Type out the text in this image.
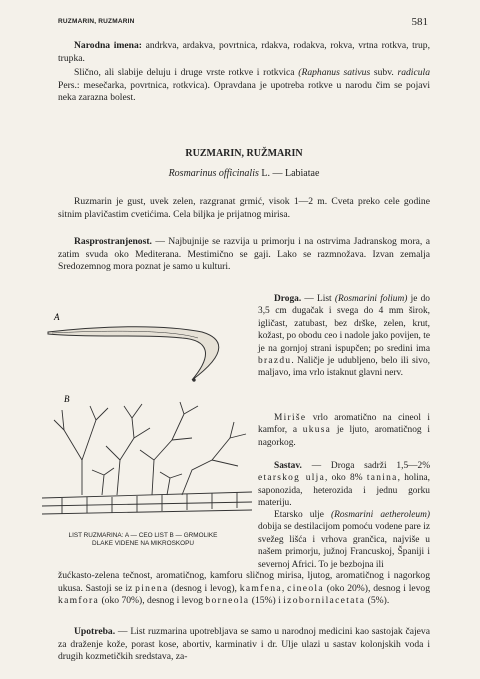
RUZMARIN, RUZMARIN	581

Narodna imena: andrkva, ardakva, povrtnica, rdakva, rodakva, rokva, vrtna rotkva, trup, trupka.

Slično, ali slabije deluju i druge vrste rotkve i rotkvica (Raphanus sativus subv. radicula Pers.: mesečarka, povrtnica, rotkvica). Opravdana je upotreba rotkve u narodu čim se pojavi neka zarazna bolest.

RUZMARIN, RUŽMARIN
Rosmarinus officinalis L. — Labiatae

Ruzmarin je gust, uvek zelen, razgranat grmić, visok 1—2 m. Cveta preko cele godine sitnim plavičastim cvetićima. Cela biljka je prijatnog mirisa.

Rasprostranjenost. — Najbujnije se razvija u primorju i na ostrvima Jadranskog mora, a zatim svuda oko Mediterana. Mestimično se gaji. Lako se razmnožava. Izvan zemalja Sredozemnog mora poznat je samo u kulturi.

Droga. — List (Rosmarini folium) je do 3,5 cm dugačak i svega do 4 mm širok, igličast, zatubast, bez drške, zelen, krut, kožast, po obodu ceo i nadole jako povijen, te je na gornjoj strani ispupčen; po sredini ima brazdu. Naličje je udubljeno, belo ili sivo, maljavo, ima vrlo istaknut glavni nerv.

Miriše vrlo aromatično na cineol i kamfor, a ukusa je ljuto, aromatičnog i nagorkog.

Sastav. — Droga sadrži 1,5—2% etarskog ulja, oko 8% tanina, holina, saponozida, heterozida i jednu gorku materiju.

Etarsko ulje (Rosmarini aetheroleum) dobija se destilacijom pomoću vodene pare iz svežeg lišća i vrhova grančica, najviše u našem primorju, južnoj Francuskoj, Španiji i severnoj Africi. To je bezbojna ili

A
B
LIST RUZMARINA: A — CEO LIST B — GRMOLIKE DLAKE VIDENE NA MIKROSKOPU

žućkasto-zelena tečnost, aromatičnog, kamforu sličnog mirisa, ljutog, aromatičnog i nagorkog ukusa. Sastoji se iz pinena (desnog i levog), kamfena, cineola (oko 20%), desnog i levog kamfora (oko 70%), desnog i levog borneola (15%) i izobornilacetata (5%).

Upotreba. — List ruzmarina upotrebljava se samo u narodnoj medicini kao sastojak čajeva za draženje kože, porast kose, abortiv, karminativ i dr. Ulje ulazi u sastav kolonjskih voda i drugih kozmetičkih sredstava, za-
